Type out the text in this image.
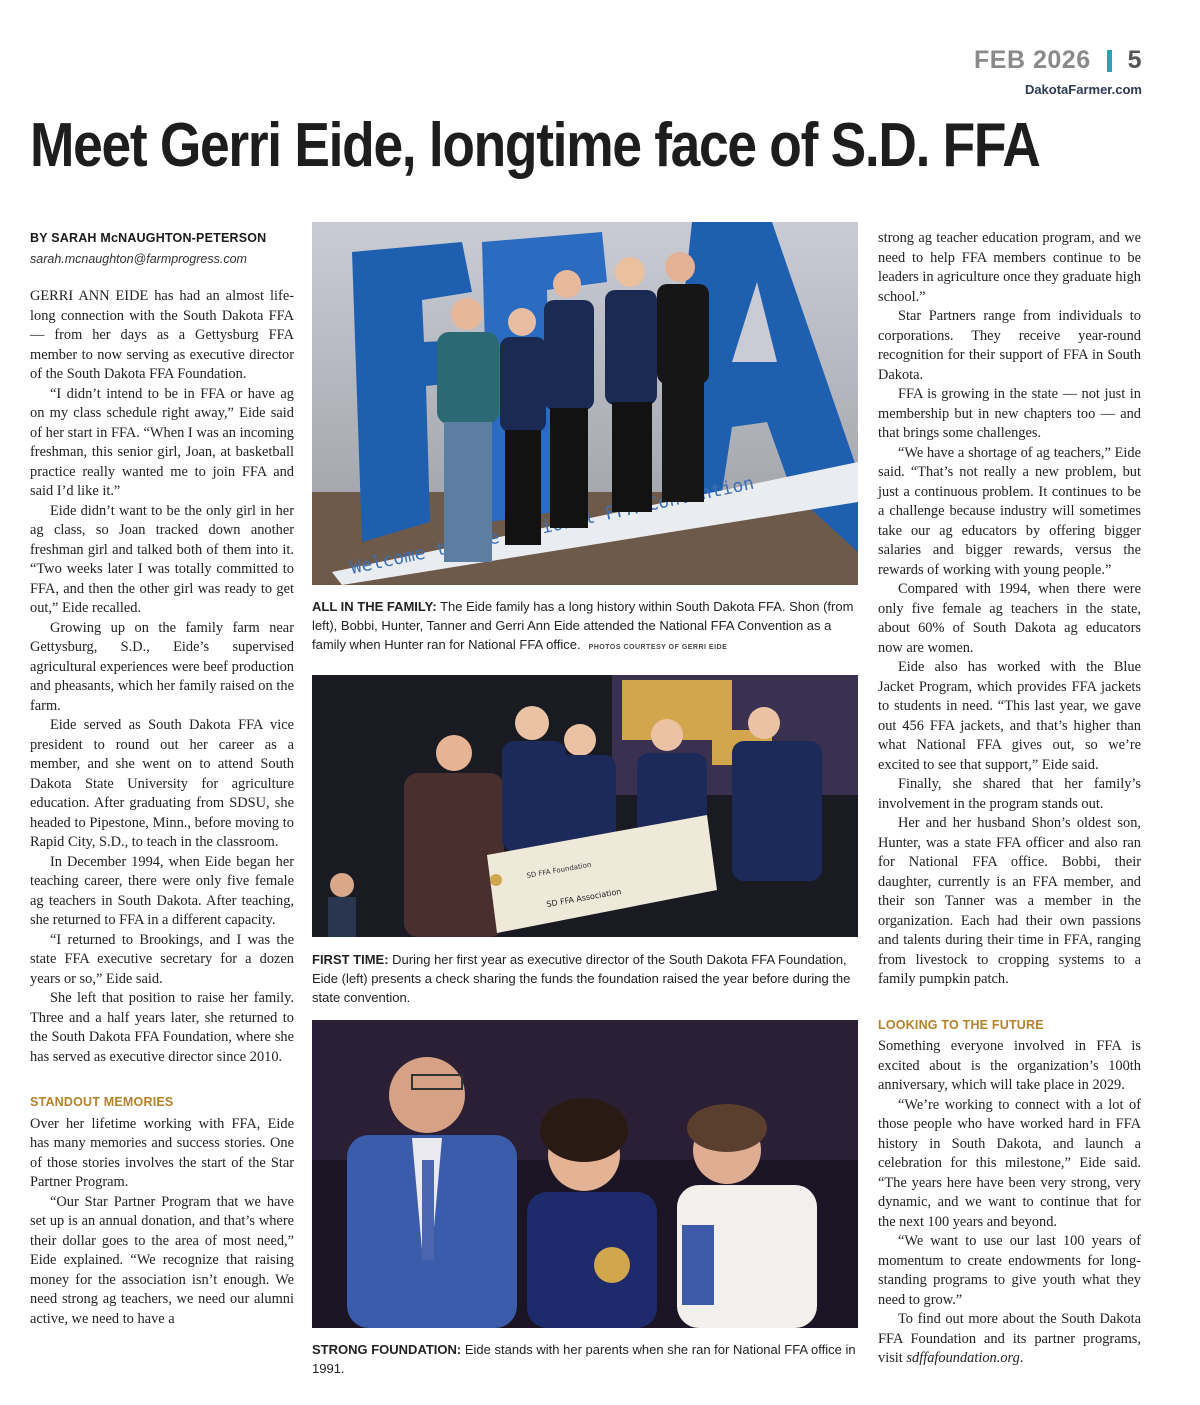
FEB 2026 5
DakotaFarmer.com
Meet Gerri Eide, longtime face of S.D. FFA

BY SARAH McNAUGHTON-PETERSON

sarah.mcnaughton@farmprogress.com

GERRI ANN EIDE has had an almost life-long connection with the South Dakota FFA — from her days as a Gettysburg FFA member to now serving as executive director of the South Dakota FFA Foundation.

“I didn’t intend to be in FFA or have ag on my class schedule right away,” Eide said of her start in FFA. “When I was an incoming freshman, this senior girl, Joan, at basketball practice really wanted me to join FFA and said I’d like it.”

Eide didn’t want to be the only girl in her ag class, so Joan tracked down another freshman girl and talked both of them into it. “Two weeks later I was totally committed to FFA, and then the other girl was ready to get out,” Eide recalled.

Growing up on the family farm near Gettysburg, S.D., Eide’s supervised agricultural experiences were beef production and pheasants, which her family raised on the farm.

Eide served as South Dakota FFA vice president to round out her career as a member, and she went on to attend South Dakota State University for agriculture education. After graduating from SDSU, she headed to Pipestone, Minn., before moving to Rapid City, S.D., to teach in the classroom.

In December 1994, when Eide began her teaching career, there were only five female ag teachers in South Dakota. After teaching, she returned to FFA in a different capacity.

“I returned to Brookings, and I was the state FFA executive secretary for a dozen years or so,” Eide said.

She left that position to raise her family. Three and a half years later, she returned to the South Dakota FFA Foundation, where she has served as executive director since 2010.

STANDOUT MEMORIES

Over her lifetime working with FFA, Eide has many memories and success stories. One of those stories involves the start of the Star Partner Program.

“Our Star Partner Program that we have set up is an annual donation, and that’s where their dollar goes to the area of most need,” Eide explained. “We recognize that raising money for the association isn’t enough. We need strong ag teachers, we need our alumni active, we need to have a

Welcome
ALL IN THE FAMILY: The Eide family has a long history within South Dakota FFA. Shon (from left), Bobbi, Hunter, Tanner and Gerri Ann Eide attended the National FFA Convention as a family when Hunter ran for National FFA office. PHOTOS COURTESY OF GERRI EIDE
SD FFA Foundation
SD FFA Association
FIRST TIME: During her first year as executive director of the South Dakota FFA Foundation, Eide (left) presents a check sharing the funds the foundation raised the year before during the state convention.
STRONG FOUNDATION: Eide stands with her parents when she ran for National FFA office in 1991.

strong ag teacher education program, and we need to help FFA members continue to be leaders in agriculture once they graduate high school.”

Star Partners range from individuals to corporations. They receive year-round recognition for their support of FFA in South Dakota.

FFA is growing in the state — not just in membership but in new chapters too — and that brings some challenges.

“We have a shortage of ag teachers,” Eide said. “That’s not really a new problem, but just a continuous problem. It continues to be a challenge because industry will sometimes take our ag educators by offering bigger salaries and bigger rewards, versus the rewards of working with young people.”

Compared with 1994, when there were only five female ag teachers in the state, about 60% of South Dakota ag educators now are women.

Eide also has worked with the Blue Jacket Program, which provides FFA jackets to students in need. “This last year, we gave out 456 FFA jackets, and that’s higher than what National FFA gives out, so we’re excited to see that support,” Eide said.

Finally, she shared that her family’s involvement in the program stands out.

Her and her husband Shon’s oldest son, Hunter, was a state FFA officer and also ran for National FFA office. Bobbi, their daughter, currently is an FFA member, and their son Tanner was a member in the organization. Each had their own passions and talents during their time in FFA, ranging from livestock to cropping systems to a family pumpkin patch.

LOOKING TO THE FUTURE

Something everyone involved in FFA is excited about is the organization’s 100th anniversary, which will take place in 2029.

“We’re working to connect with a lot of those people who have worked hard in FFA history in South Dakota, and launch a celebration for this milestone,” Eide said. “The years here have been very strong, very dynamic, and we want to continue that for the next 100 years and beyond.

“We want to use our last 100 years of momentum to create endowments for long-standing programs to give youth what they need to grow.”

To find out more about the South Dakota FFA Foundation and its partner programs, visit sdffafoundation.org.
